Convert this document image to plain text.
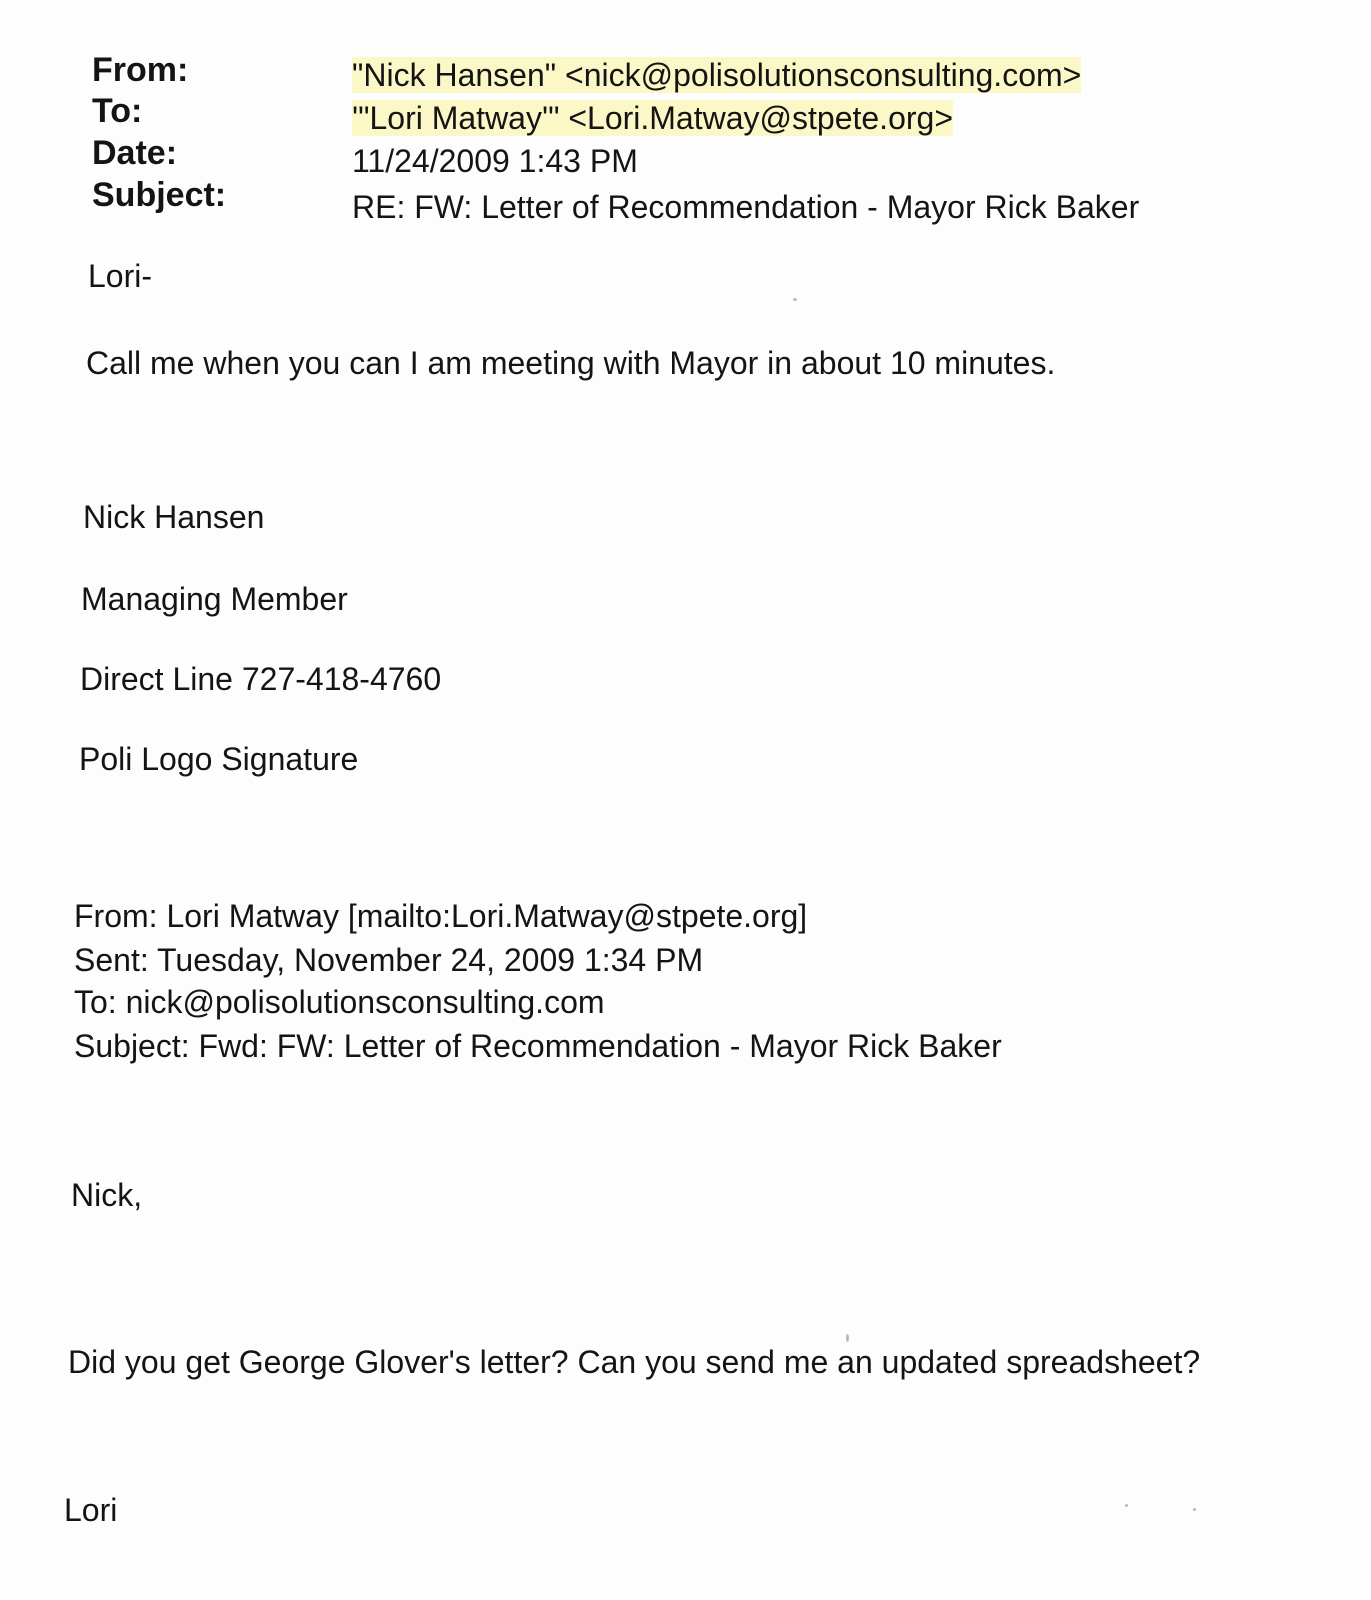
From:
To:
Date:
Subject:
"Nick Hansen" <nick@polisolutionsconsulting.com>
'"Lori Matway'" <Lori.Matway@stpete.org>
11/24/2009 1:43 PM
RE: FW: Letter of Recommendation - Mayor Rick Baker
Lori-
Call me when you can I am meeting with Mayor in about 10 minutes.
Nick Hansen
Managing Member
Direct Line 727-418-4760
Poli Logo Signature
From: Lori Matway [mailto:Lori.Matway@stpete.org]
Sent: Tuesday, November 24, 2009 1:34 PM
To: nick@polisolutionsconsulting.com
Subject: Fwd: FW: Letter of Recommendation - Mayor Rick Baker
Nick,
Did you get George Glover's letter? Can you send me an updated spreadsheet?
Lori
